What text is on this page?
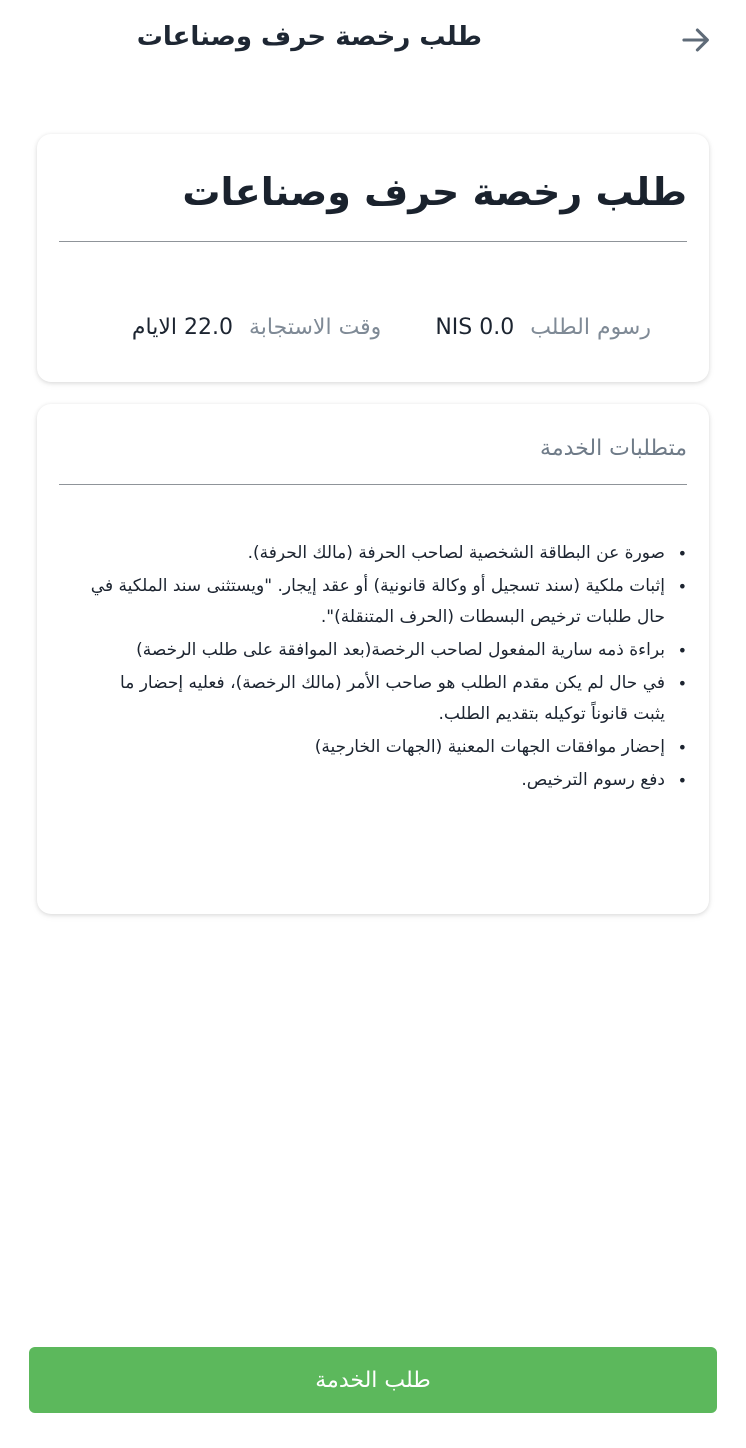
طلب رخصة حرف وصناعات
طلب رخصة حرف وصناعات
رسوم الطلب
NIS 0.0
وقت الاستجابة
22.0 الايام
متطلبات الخدمة
• صورة عن البطاقة الشخصية لصاحب الحرفة (مالك الحرفة).
• إثبات ملكية (سند تسجيل أو وكالة قانونية) أو عقد إيجار. "ويستثنى سند الملكية في حال طلبات ترخيص البسطات (الحرف المتنقلة)".
• براءة ذمه سارية المفعول لصاحب الرخصة(بعد الموافقة على طلب الرخصة)
• في حال لم يكن مقدم الطلب هو صاحب الأمر (مالك الرخصة)، فعليه إحضار ما يثبت قانوناً توكيله بتقديم الطلب.
• إحضار موافقات الجهات المعنية (الجهات الخارجية)
• دفع رسوم الترخيص.
طلب الخدمة
